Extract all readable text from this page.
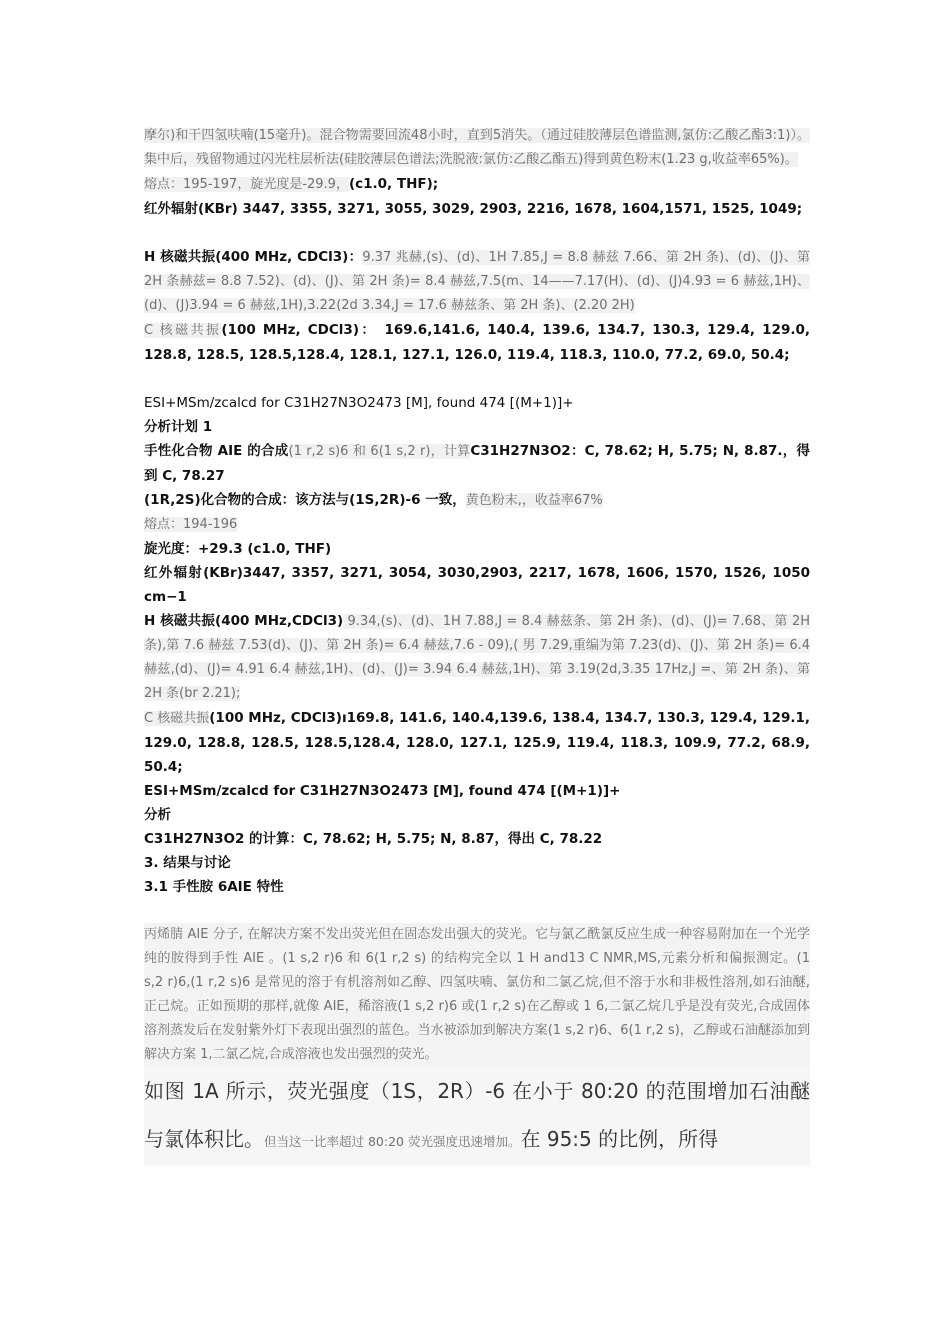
摩尔)和干四氢呋喃(15毫升)。混合物需要回流48小时，直到5消失。（通过硅胶薄层色谱监测,氯仿:乙酸乙酯3:1)）。集中后，残留物通过闪光柱层析法(硅胶薄层色谱法;洗脱液:氯仿:乙酸乙酯五)得到黄色粉末(1.23 g,收益率65%)。

熔点：195-197，旋光度是-29.9，(c1.0, THF);

红外辐射(KBr) 3447, 3355, 3271, 3055, 3029, 2903, 2216, 1678, 1604,1571, 1525, 1049;

H 核磁共振(400 MHz, CDCl3)：9.37 兆赫,(s)、(d)、1H 7.85,J = 8.8 赫兹 7.66、第 2H 条)、(d)、(J)、第 2H 条赫兹= 8.8 7.52)、(d)、(J)、第 2H 条)= 8.4 赫兹,7.5(m、14——7.17(H)、(d)、(J)4.93 = 6 赫兹,1H)、(d)、(J)3.94 = 6 赫兹,1H),3.22(2d 3.34,J = 17.6 赫兹条、第 2H 条)、(2.20 2H)

C 核磁共振(100 MHz, CDCl3)： 169.6,141.6, 140.4, 139.6, 134.7, 130.3, 129.4, 129.0, 128.8, 128.5, 128.5,128.4, 128.1, 127.1, 126.0, 119.4, 118.3, 110.0, 77.2, 69.0, 50.4;

ESI+MSm/zcalcd for C31H27N3O2473 [M], found 474 [(M+1)]+

分析计划 1

手性化合物 AIE 的合成(1 r,2 s)6 和 6(1 s,2 r)，计算C31H27N3O2：C, 78.62; H, 5.75; N, 8.87.，得到 C, 78.27

(1R,2S)化合物的合成：该方法与(1S,2R)-6 一致，黄色粉末,，收益率67%

熔点：194-196

旋光度：+29.3 (c1.0, THF)

红外辐射(KBr)3447, 3357, 3271, 3054, 3030,2903, 2217, 1678, 1606, 1570, 1526, 1050 cm−1

H 核磁共振(400 MHz,CDCl3) 9.34,(s)、(d)、1H 7.88,J = 8.4 赫兹条、第 2H 条)、(d)、(J)= 7.68、第 2H 条),第 7.6 赫兹 7.53(d)、(J)、第 2H 条)= 6.4 赫兹,7.6 - 09),( 男 7.29,重编为第 7.23(d)、(J)、第 2H 条)= 6.4 赫兹,(d)、(J)= 4.91 6.4 赫兹,1H)、(d)、(J)= 3.94 6.4 赫兹,1H)、第 3.19(2d,3.35 17Hz,J =、第 2H 条)、第 2H 条(br 2.21);

C 核磁共振(100 MHz, CDCl3)ı169.8, 141.6, 140.4,139.6, 138.4, 134.7, 130.3, 129.4, 129.1, 129.0, 128.8, 128.5, 128.5,128.4, 128.0, 127.1, 125.9, 119.4, 118.3, 109.9, 77.2, 68.9, 50.4;

ESI+MSm/zcalcd for C31H27N3O2473 [M], found 474 [(M+1)]+

分析

C31H27N3O2 的计算：C, 78.62; H, 5.75; N, 8.87，得出 C, 78.22

3. 结果与讨论

3.1 手性胺 6AIE 特性

丙烯腈 AIE 分子, 在解决方案不发出荧光但在固态发出强大的荧光。它与氯乙酰氯反应生成一种容易附加在一个光学纯的胺得到手性 AIE 。(1 s,2 r)6 和 6(1 r,2 s) 的结构完全以 1 H and13 C NMR,MS,元素分析和偏振测定。(1 s,2 r)6,(1 r,2 s)6 是常见的溶于有机溶剂如乙醇、四氢呋喃、氯仿和二氯乙烷,但不溶于水和非极性溶剂,如石油醚,正己烷。正如预期的那样,就像 AIE，稀溶液(1 s,2 r)6 或(1 r,2 s)在乙醇或 1 6,二氯乙烷几乎是没有荧光,合成固体溶剂蒸发后在发射紫外灯下表现出强烈的蓝色。当水被添加到解决方案(1 s,2 r)6、6(1 r,2 s)，乙醇或石油醚添加到解决方案 1,二氯乙烷,合成溶液也发出强烈的荧光。

如图 1A 所示，荧光强度（1S，2R）-6 在小于 80:20 的范围增加石油醚与氯体积比。但当这一比率超过 80:20 荧光强度迅速增加。在 95:5 的比例，所得
